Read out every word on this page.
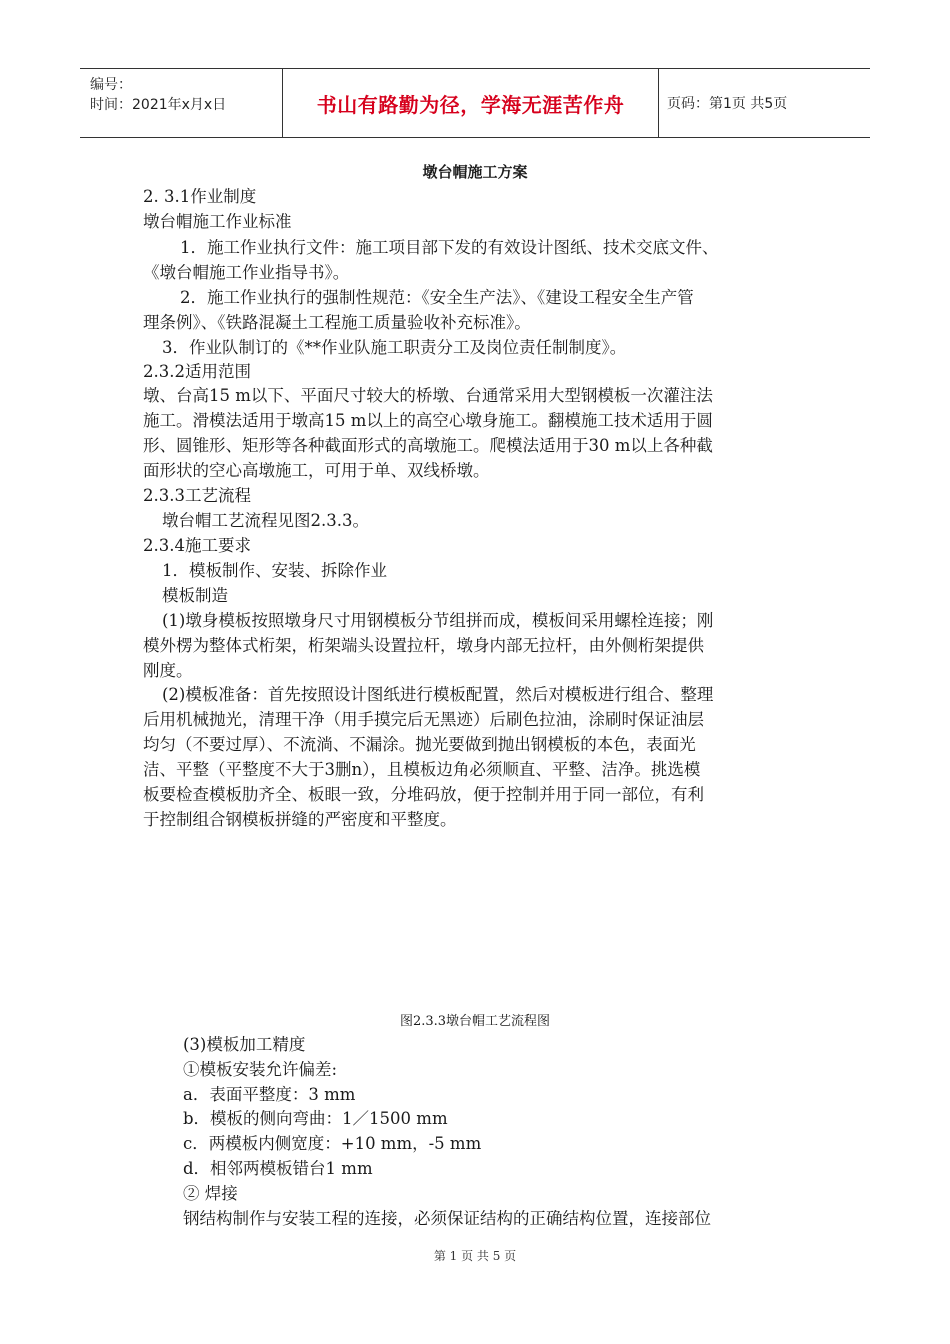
编号：
时间：2021年x月x日	书山有路勤为径，学海无涯苦作舟	页码：第1页 共5页
墩台帽施工方案
2. 3.1作业制度
墩台帽施工作业标准
1．施工作业执行文件：施工项目部下发的有效设计图纸、技术交底文件、
《墩台帽施工作业指导书》。
2．施工作业执行的强制性规范：《安全生产法》、《建设工程安全生产管
理条例》、《铁路混凝土工程施工质量验收补充标准》。
3．作业队制订的《**作业队施工职责分工及岗位责任制制度》。
2.3.2适用范围
墩、台高15 m以下、平面尺寸较大的桥墩、台通常采用大型钢模板一次灌注法
施工。滑模法适用于墩高15 m以上的高空心墩身施工。翻模施工技术适用于圆
形、圆锥形、矩形等各种截面形式的高墩施工。爬模法适用于30 m以上各种截
面形状的空心高墩施工，可用于单、双线桥墩。
2.3.3工艺流程
墩台帽工艺流程见图2.3.3。
2.3.4施工要求
1．模板制作、安装、拆除作业
模板制造
(1)墩身模板按照墩身尺寸用钢模板分节组拼而成，模板间采用螺栓连接；刚
模外楞为整体式桁架，桁架端头设置拉杆，墩身内部无拉杆，由外侧桁架提供
刚度。
(2)模板准备：首先按照设计图纸进行模板配置，然后对模板进行组合、整理
后用机械抛光，清理干净（用手摸完后无黑迹）后刷色拉油，涂刷时保证油层
均匀（不要过厚）、不流淌、不漏涂。抛光要做到抛出钢模板的本色，表面光
洁、平整（平整度不大于3删n），且模板边角必须顺直、平整、洁净。挑选模
板要检查模板肋齐全、板眼一致，分堆码放，便于控制并用于同一部位，有利
于控制组合钢模板拼缝的严密度和平整度。
图2.3.3墩台帽工艺流程图
(3)模板加工精度
①模板安装允许偏差:
a．表面平整度：3 mm
b．模板的侧向弯曲：1／1500 mm
c．两模板内侧宽度：+10 mm，-5 mm
d．相邻两模板错台1 mm
② 焊接
钢结构制作与安装工程的连接，必须保证结构的正确结构位置，连接部位
第 1 页 共 5 页
